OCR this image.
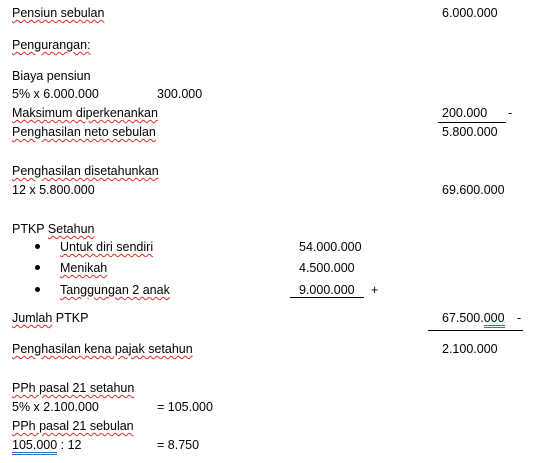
Pensiun sebulan	6.000.000
Pengurangan:
Biaya pensiun
5% x 6.000.000	300.000
Maksimum diperkenankan	200.000 -
Penghasilan neto sebulan	5.800.000
Penghasilan disetahunkan
12 x 5.800.000	69.600.000
PTKP Setahun
Untuk diri sendiri	54.000.000
Menikah	4.500.000
Tanggungan 2 anak	9.000.000 +
Jumlah PTKP	67.500.000 -
Penghasilan kena pajak setahun	2.100.000
PPh pasal 21 setahun
5% x 2.100.000	= 105.000
PPh pasal 21 sebulan
105.000 : 12	= 8.750
